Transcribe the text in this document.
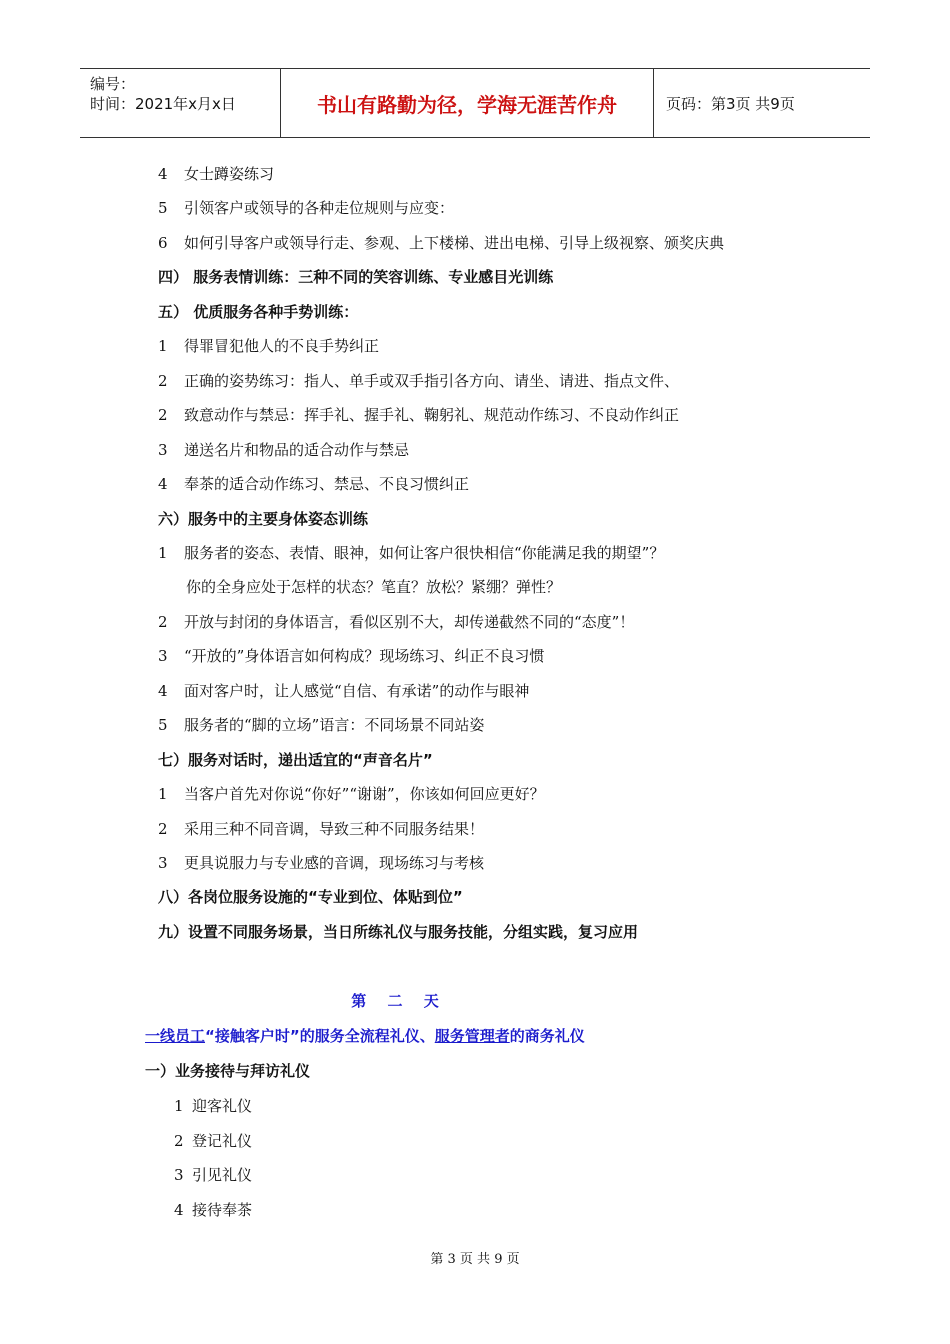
编号：
时间：2021年x月x日	书山有路勤为径，学海无涯苦作舟	页码：第3页 共9页
4 女士蹲姿练习
5 引领客户或领导的各种走位规则与应变：
6 如何引导客户或领导行走、参观、上下楼梯、进出电梯、引导上级视察、颁奖庆典
四） 服务表情训练：三种不同的笑容训练、专业感目光训练
五） 优质服务各种手势训练：
1 得罪冒犯他人的不良手势纠正
2 正确的姿势练习：指人、单手或双手指引各方向、请坐、请进、指点文件、
2 致意动作与禁忌：挥手礼、握手礼、鞠躬礼、规范动作练习、不良动作纠正
3 递送名片和物品的适合动作与禁忌
4 奉茶的适合动作练习、禁忌、不良习惯纠正
六）服务中的主要身体姿态训练
1 服务者的姿态、表情、眼神，如何让客户很快相信“你能满足我的期望”？
你的全身应处于怎样的状态？笔直？放松？紧绷？弹性？
2 开放与封闭的身体语言，看似区别不大，却传递截然不同的“态度”！
3 “开放的”身体语言如何构成？现场练习、纠正不良习惯
4 面对客户时，让人感觉“自信、有承诺”的动作与眼神
5 服务者的“脚的立场”语言：不同场景不同站姿
七）服务对话时，递出适宜的“声音名片”
1 当客户首先对你说“你好”“谢谢”，你该如何回应更好？
2 采用三种不同音调，导致三种不同服务结果！
3 更具说服力与专业感的音调，现场练习与考核
八）各岗位服务设施的“专业到位、体贴到位”
九）设置不同服务场景，当日所练礼仪与服务技能，分组实践，复习应用
第 二 天
一线员工“接触客户时”的服务全流程礼仪、服务管理者的商务礼仪
一）业务接待与拜访礼仪
1 迎客礼仪
2 登记礼仪
3 引见礼仪
4 接待奉茶
第 3 页 共 9 页
